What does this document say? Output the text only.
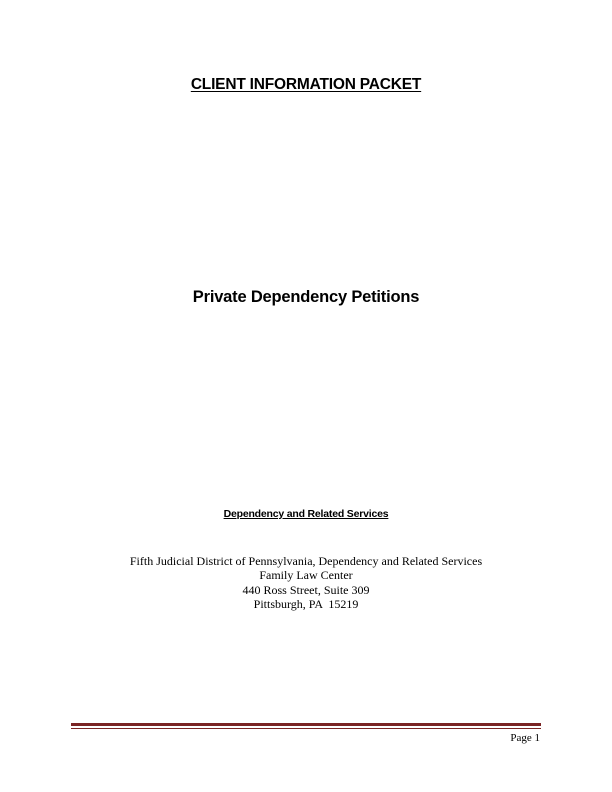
CLIENT INFORMATION PACKET
Private Dependency Petitions
Dependency and Related Services
Fifth Judicial District of Pennsylvania, Dependency and Related Services
Family Law Center
440 Ross Street, Suite 309
Pittsburgh, PA  15219
Page 1
